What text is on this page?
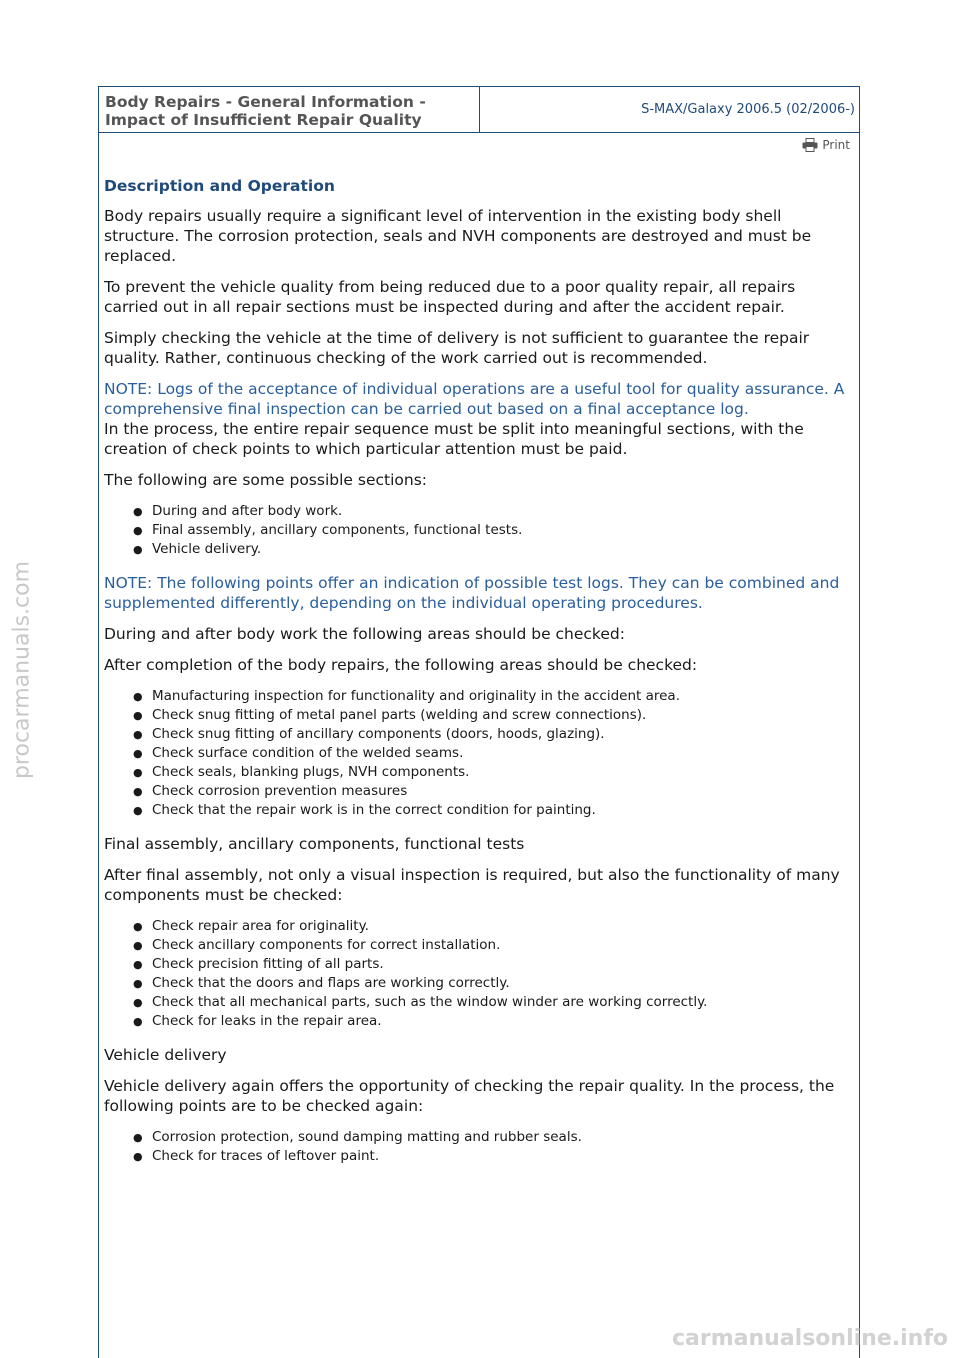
Body Repairs - General Information -
Impact of Insufficient Repair Quality
S-MAX/Galaxy 2006.5 (02/2006-)
Print
Description and Operation

Body repairs usually require a significant level of intervention in the existing body shell structure. The corrosion protection, seals and NVH components are destroyed and must be replaced.

To prevent the vehicle quality from being reduced due to a poor quality repair, all repairs carried out in all repair sections must be inspected during and after the accident repair.

Simply checking the vehicle at the time of delivery is not sufficient to guarantee the repair quality. Rather, continuous checking of the work carried out is recommended.

NOTE: Logs of the acceptance of individual operations are a useful tool for quality assurance. A comprehensive final inspection can be carried out based on a final acceptance log.

In the process, the entire repair sequence must be split into meaningful sections, with the creation of check points to which particular attention must be paid.

The following are some possible sections:

● During and after body work.
● Final assembly, ancillary components, functional tests.
● Vehicle delivery.

NOTE: The following points offer an indication of possible test logs. They can be combined and supplemented differently, depending on the individual operating procedures.

During and after body work the following areas should be checked:

After completion of the body repairs, the following areas should be checked:

● Manufacturing inspection for functionality and originality in the accident area.
● Check snug fitting of metal panel parts (welding and screw connections).
● Check snug fitting of ancillary components (doors, hoods, glazing).
● Check surface condition of the welded seams.
● Check seals, blanking plugs, NVH components.
● Check corrosion prevention measures
● Check that the repair work is in the correct condition for painting.

Final assembly, ancillary components, functional tests

After final assembly, not only a visual inspection is required, but also the functionality of many components must be checked:

● Check repair area for originality.
● Check ancillary components for correct installation.
● Check precision fitting of all parts.
● Check that the doors and flaps are working correctly.
● Check that all mechanical parts, such as the window winder are working correctly.
● Check for leaks in the repair area.

Vehicle delivery

Vehicle delivery again offers the opportunity of checking the repair quality. In the process, the following points are to be checked again:

● Corrosion protection, sound damping matting and rubber seals.
● Check for traces of leftover paint.
procarmanuals.com
carmanualsonline.info
